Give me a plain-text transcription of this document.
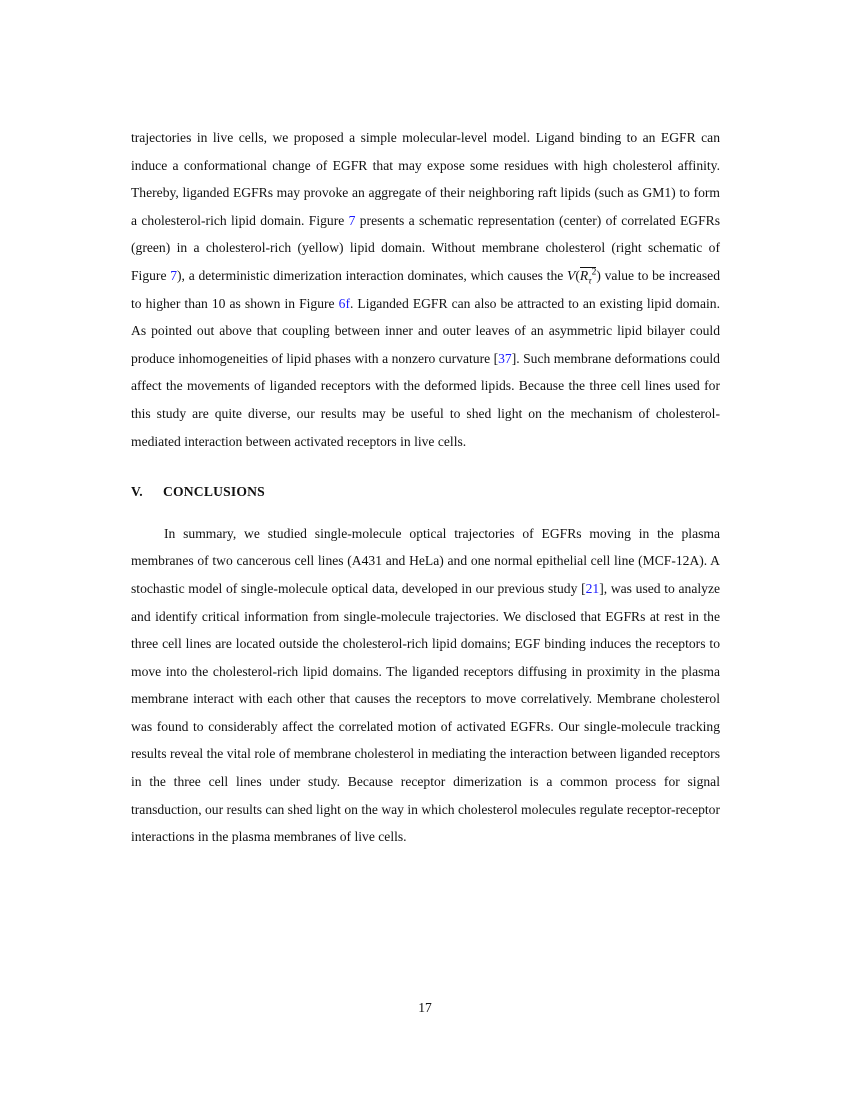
trajectories in live cells, we proposed a simple molecular-level model. Ligand binding to an EGFR can induce a conformational change of EGFR that may expose some residues with high cholesterol affinity. Thereby, liganded EGFRs may provoke an aggregate of their neighboring raft lipids (such as GM1) to form a cholesterol-rich lipid domain. Figure 7 presents a schematic representation (center) of correlated EGFRs (green) in a cholesterol-rich (yellow) lipid domain. Without membrane cholesterol (right schematic of Figure 7), a deterministic dimerization interaction dominates, which causes the $V(R_\tau^2)$ value to be increased to higher than 10 as shown in Figure 6f. Liganded EGFR can also be attracted to an existing lipid domain. As pointed out above that coupling between inner and outer leaves of an asymmetric lipid bilayer could produce inhomogeneities of lipid phases with a nonzero curvature [37]. Such membrane deformations could affect the movements of liganded receptors with the deformed lipids. Because the three cell lines used for this study are quite diverse, our results may be useful to shed light on the mechanism of cholesterol-mediated interaction between activated receptors in live cells.

V. CONCLUSIONS

In summary, we studied single-molecule optical trajectories of EGFRs moving in the plasma membranes of two cancerous cell lines (A431 and HeLa) and one normal epithelial cell line (MCF-12A). A stochastic model of single-molecule optical data, developed in our previous study [21], was used to analyze and identify critical information from single-molecule trajectories. We disclosed that EGFRs at rest in the three cell lines are located outside the cholesterol-rich lipid domains; EGF binding induces the receptors to move into the cholesterol-rich lipid domains. The liganded receptors diffusing in proximity in the plasma membrane interact with each other that causes the receptors to move correlatively. Membrane cholesterol was found to considerably affect the correlated motion of activated EGFRs. Our single-molecule tracking results reveal the vital role of membrane cholesterol in mediating the interaction between liganded receptors in the three cell lines under study. Because receptor dimerization is a common process for signal transduction, our results can shed light on the way in which cholesterol molecules regulate receptor-receptor interactions in the plasma membranes of live cells.

17
